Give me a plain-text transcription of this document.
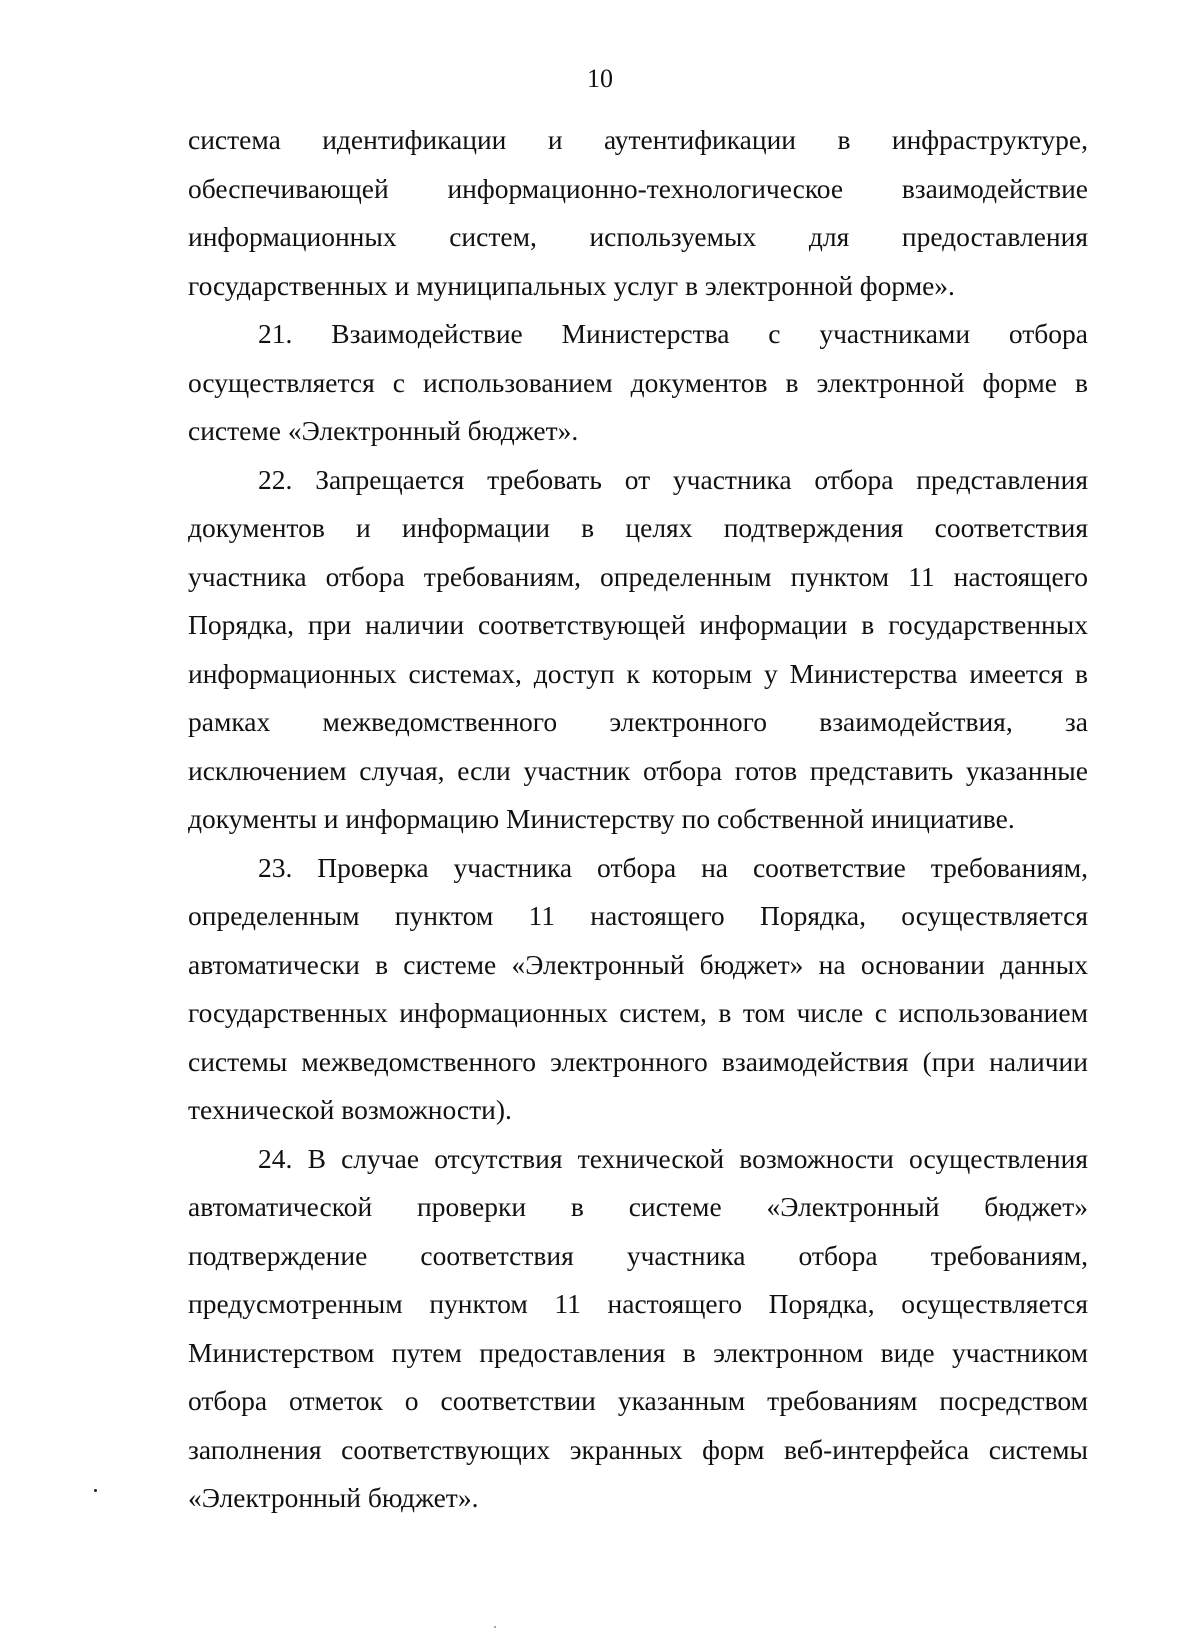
10
система идентификации и аутентификации в инфраструктуре,
обеспечивающей информационно-технологическое взаимодействие
информационных систем, используемых для предоставления
государственных и муниципальных услуг в электронной форме».
21. Взаимодействие Министерства с участниками отбора
осуществляется с использованием документов в электронной форме в
системе «Электронный бюджет».
22. Запрещается требовать от участника отбора представления
документов и информации в целях подтверждения соответствия
участника отбора требованиям, определенным пунктом 11 настоящего
Порядка, при наличии соответствующей информации в государственных
информационных системах, доступ к которым у Министерства имеется в
рамках межведомственного электронного взаимодействия, за
исключением случая, если участник отбора готов представить указанные
документы и информацию Министерству по собственной инициативе.
23. Проверка участника отбора на соответствие требованиям,
определенным пунктом 11 настоящего Порядка, осуществляется
автоматически в системе «Электронный бюджет» на основании данных
государственных информационных систем, в том числе с использованием
системы межведомственного электронного взаимодействия (при наличии
технической возможности).
24. В случае отсутствия технической возможности осуществления
автоматической проверки в системе «Электронный бюджет»
подтверждение соответствия участника отбора требованиям,
предусмотренным пунктом 11 настоящего Порядка, осуществляется
Министерством путем предоставления в электронном виде участником
отбора отметок о соответствии указанным требованиям посредством
заполнения соответствующих экранных форм веб-интерфейса системы
«Электронный бюджет».
